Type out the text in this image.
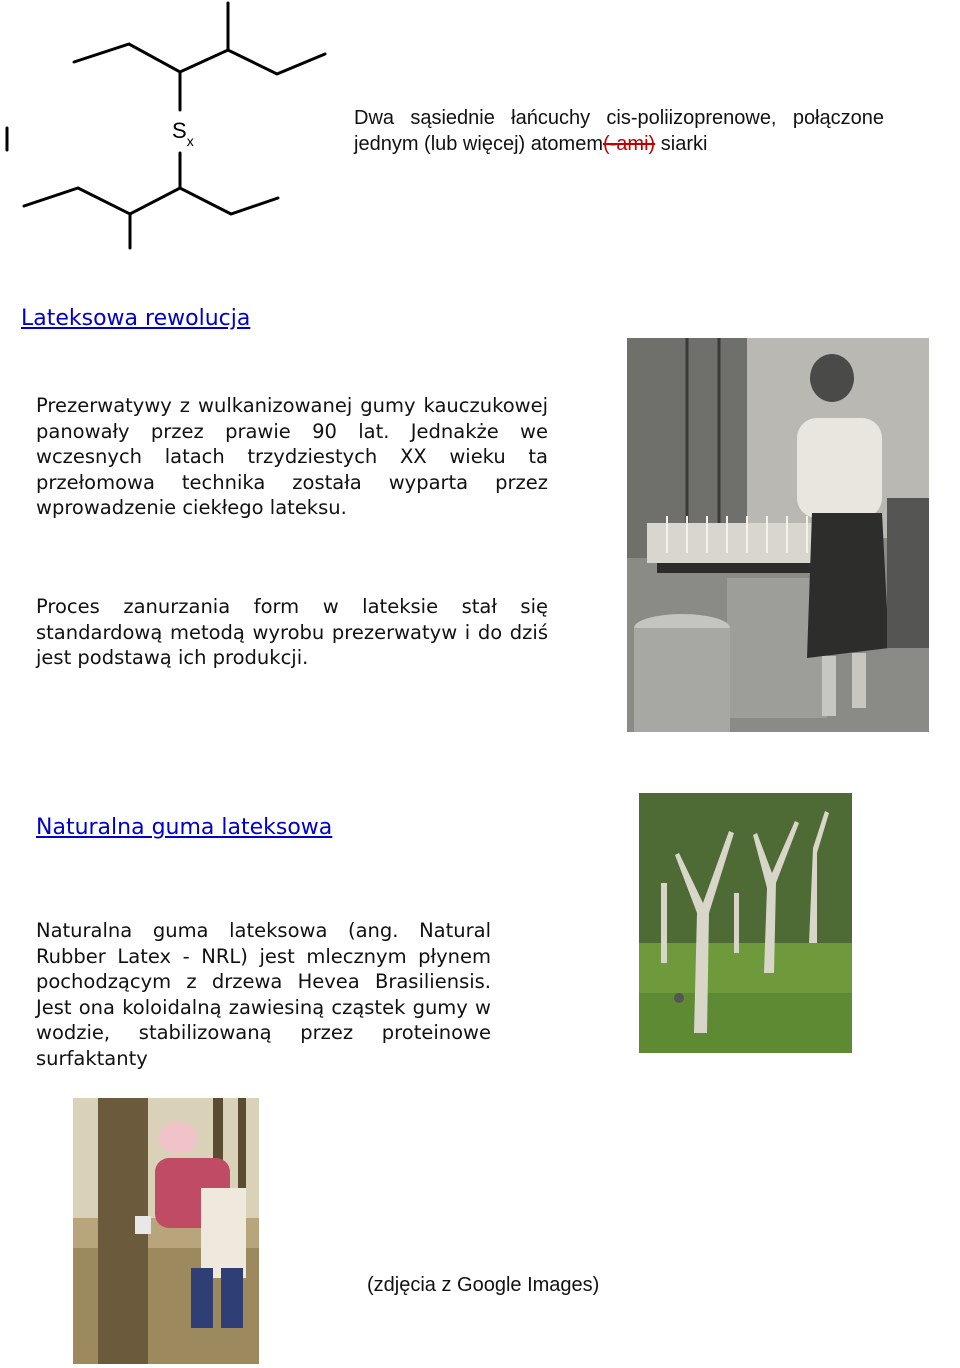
$S_x$
Dwa sąsiednie łańcuchy cis-poliizoprenowe, połączone jednym (lub więcej) atomem(-ami) siarki
Lateksowa rewolucja
Prezerwatywy z wulkanizowanej gumy kauczukowej panowały przez prawie 90 lat. Jednakże we wczesnych latach trzydziestych XX wieku ta przełomowa technika została wyparta przez wprowadzenie ciekłego lateksu.
Proces zanurzania form w lateksie stał się standardową metodą wyrobu prezerwatyw i do dziś jest podstawą ich produkcji.
Naturalna guma lateksowa
Naturalna guma lateksowa (ang. Natural Rubber Latex - NRL) jest mlecznym płynem pochodzącym z drzewa Hevea Brasiliensis. Jest ona koloidalną zawiesiną cząstek gumy w wodzie, stabilizowaną przez proteinowe surfaktanty
(zdjęcia z Google Images)
